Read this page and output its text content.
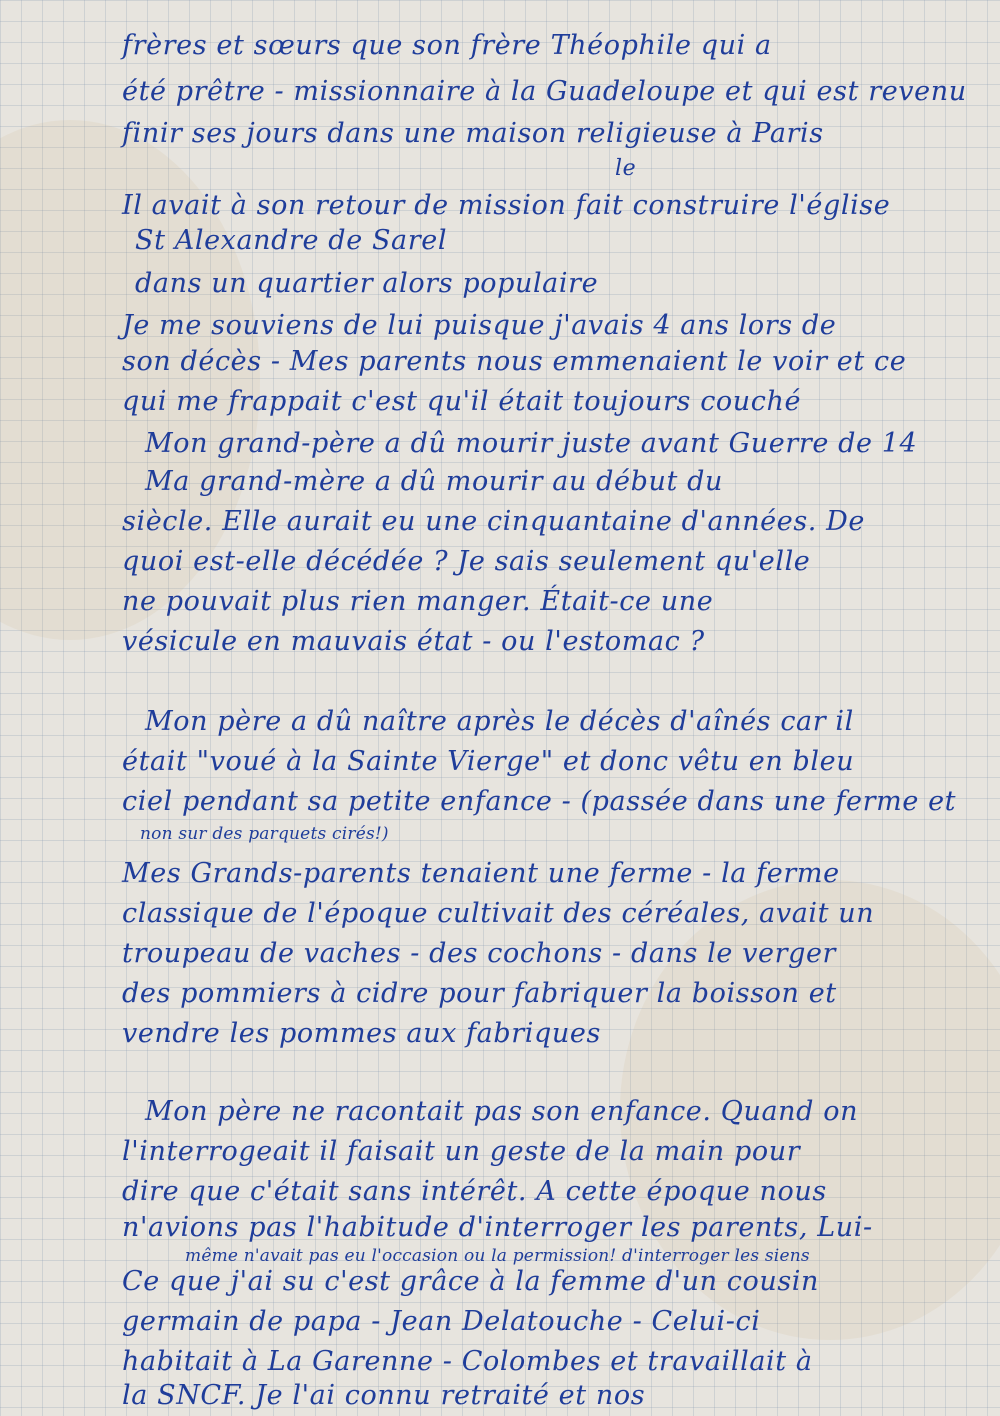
frères et sœurs que son frère Théophile qui a
été prêtre - missionnaire à la Guadeloupe et qui est revenu
finir ses jours dans une maison religieuse à Paris
le
Il avait à son retour de mission fait construire l'église
St Alexandre de Sarel
dans un quartier alors populaire
Je me souviens de lui puisque j'avais 4 ans lors de
son décès - Mes parents nous emmenaient le voir et ce
qui me frappait c'est qu'il était toujours couché
Mon grand-père a dû mourir juste avant Guerre de 14
Ma grand-mère a dû mourir au début du
siècle. Elle aurait eu une cinquantaine d'années. De
quoi est-elle décédée ? Je sais seulement qu'elle
ne pouvait plus rien manger. Était-ce une
vésicule en mauvais état - ou l'estomac ?
Mon père a dû naître après le décès d'aînés car il
était "voué à la Sainte Vierge" et donc vêtu en bleu
ciel pendant sa petite enfance - (passée dans une ferme et
non sur des parquets cirés!)
Mes Grands-parents tenaient une ferme - la ferme
classique de l'époque cultivait des céréales, avait un
troupeau de vaches - des cochons - dans le verger
des pommiers à cidre pour fabriquer la boisson et
vendre les pommes aux fabriques
Mon père ne racontait pas son enfance. Quand on
l'interrogeait il faisait un geste de la main pour
dire que c'était sans intérêt. A cette époque nous
n'avions pas l'habitude d'interroger les parents, Lui-
même n'avait pas eu l'occasion ou la permission! d'interroger les siens
Ce que j'ai su c'est grâce à la femme d'un cousin
germain de papa - Jean Delatouche - Celui-ci
habitait à La Garenne - Colombes et travaillait à
la SNCF. Je l'ai connu retraité et nos
